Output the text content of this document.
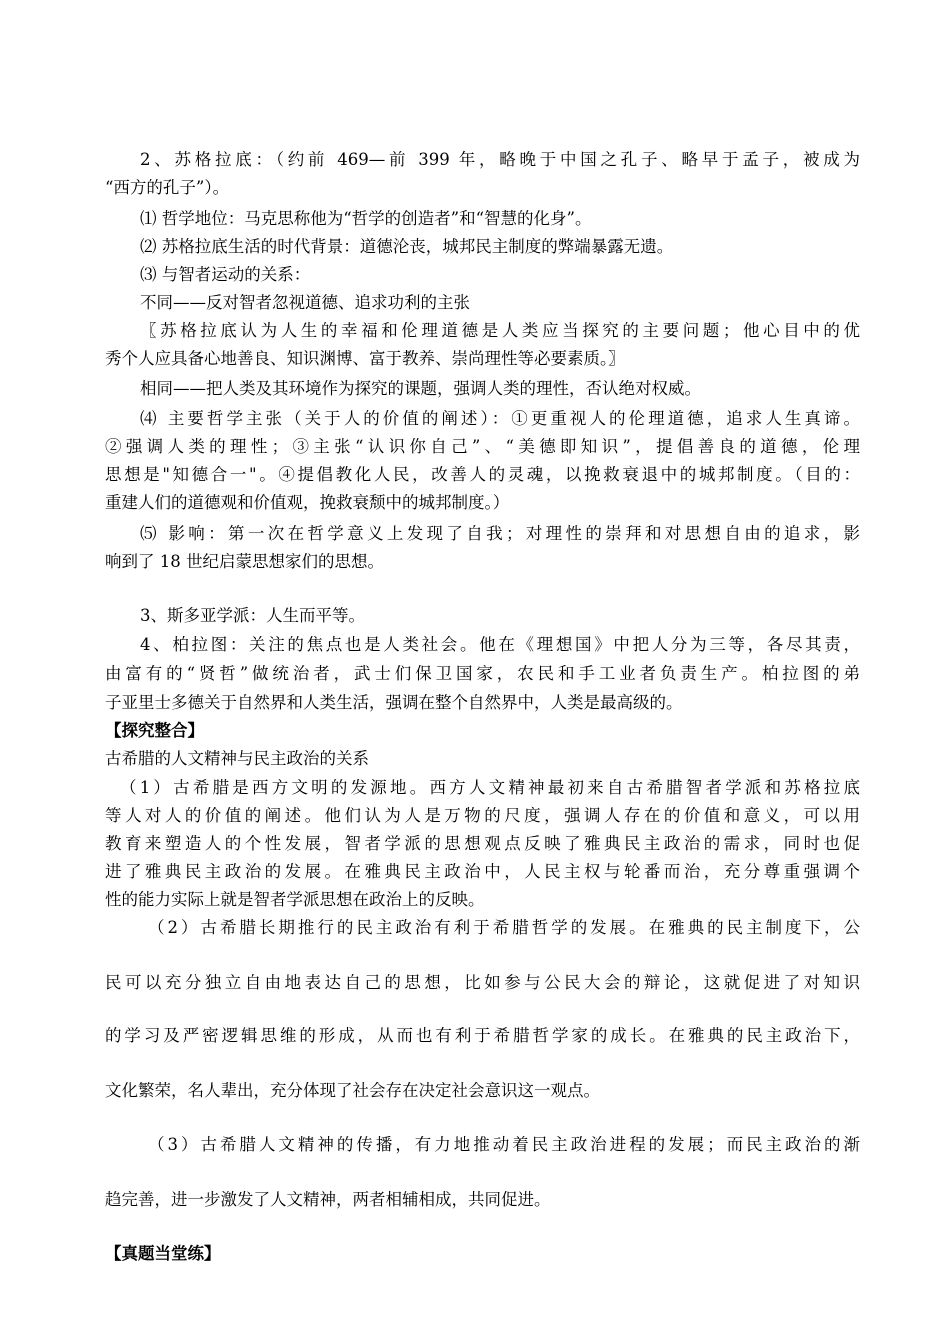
2、苏格拉底：（约前 469—前 399 年，略晚于中国之孔子、略早于孟子，被成为
“西方的孔子”）。
⑴ 哲学地位：马克思称他为“哲学的创造者”和“智慧的化身”。
⑵ 苏格拉底生活的时代背景：道德沦丧，城邦民主制度的弊端暴露无遗。
⑶ 与智者运动的关系：
不同——反对智者忽视道德、追求功利的主张
〖苏格拉底认为人生的幸福和伦理道德是人类应当探究的主要问题；他心目中的优
秀个人应具备心地善良、知识渊博、富于教养、崇尚理性等必要素质。〗
相同——把人类及其环境作为探究的课题，强调人类的理性，否认绝对权威。
⑷ 主要哲学主张（关于人的价值的阐述）：①更重视人的伦理道德，追求人生真谛。
②强调人类的理性；③主张“认识你自己”、“美德即知识”，提倡善良的道德，伦理
思想是"知德合一"。④提倡教化人民，改善人的灵魂，以挽救衰退中的城邦制度。（目的：
重建人们的道德观和价值观，挽救衰颓中的城邦制度。）
⑸ 影响：第一次在哲学意义上发现了自我；对理性的崇拜和对思想自由的追求，影
响到了 18 世纪启蒙思想家们的思想。
3、斯多亚学派：人生而平等。
4、柏拉图：关注的焦点也是人类社会。他在《理想国》中把人分为三等，各尽其责，
由富有的“贤哲”做统治者，武士们保卫国家，农民和手工业者负责生产。柏拉图的弟
子亚里士多德关于自然界和人类生活，强调在整个自然界中，人类是最高级的。
【探究整合】
古希腊的人文精神与民主政治的关系
（1）古希腊是西方文明的发源地。西方人文精神最初来自古希腊智者学派和苏格拉底
等人对人的价值的阐述。他们认为人是万物的尺度，强调人存在的价值和意义，可以用
教育来塑造人的个性发展，智者学派的思想观点反映了雅典民主政治的需求，同时也促
进了雅典民主政治的发展。在雅典民主政治中，人民主权与轮番而治，充分尊重强调个
性的能力实际上就是智者学派思想在政治上的反映。
（2）古希腊长期推行的民主政治有利于希腊哲学的发展。在雅典的民主制度下，公
民可以充分独立自由地表达自己的思想，比如参与公民大会的辩论，这就促进了对知识
的学习及严密逻辑思维的形成，从而也有利于希腊哲学家的成长。在雅典的民主政治下，
文化繁荣，名人辈出，充分体现了社会存在决定社会意识这一观点。
（3）古希腊人文精神的传播，有力地推动着民主政治进程的发展；而民主政治的渐
趋完善，进一步激发了人文精神，两者相辅相成，共同促进。
【真题当堂练】
